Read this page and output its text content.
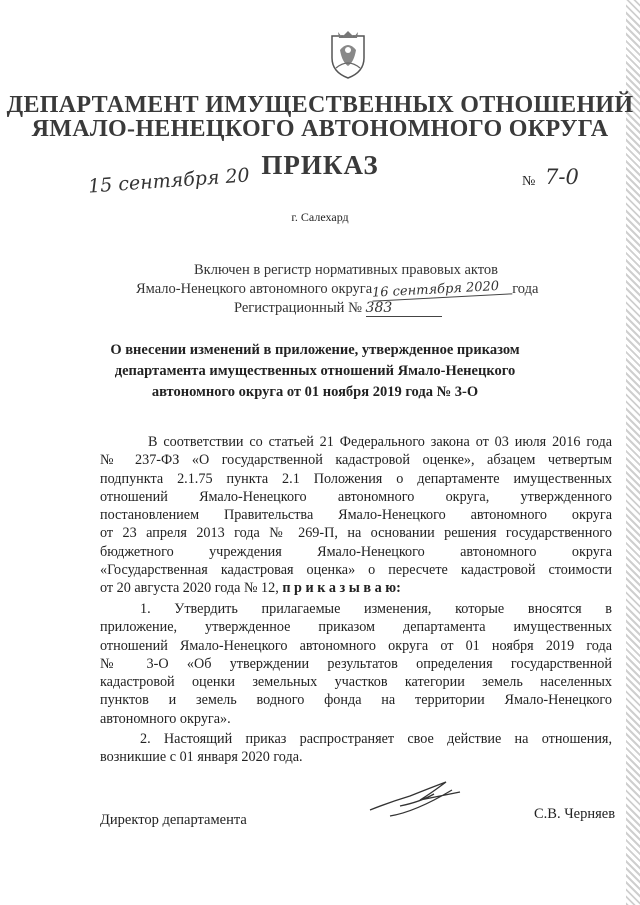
ДЕПАРТАМЕНТ ИМУЩЕСТВЕННЫХ ОТНОШЕНИЙ
ЯМАЛО-НЕНЕЦКОГО АВТОНОМНОГО ОКРУГА
ПРИКАЗ
15 сентября 20	№ 7-0
г. Салехард
Включен в регистр нормативных правовых актов
Ямало-Ненецкого автономного округа16 сентября 2020 года
Регистрационный № 383
О внесении изменений в приложение, утвержденное приказом
департамента имущественных отношений Ямало-Ненецкого
автономного округа от 01 ноября 2019 года № 3-О
В соответствии со статьей 21 Федерального закона от 03 июля 2016 года
№ 237-ФЗ «О государственной кадастровой оценке», абзацем четвертым
подпункта 2.1.75 пункта 2.1 Положения о департаменте имущественных
отношений Ямало-Ненецкого автономного округа, утвержденного
постановлением Правительства Ямало-Ненецкого автономного округа
от 23 апреля 2013 года № 269-П, на основании решения государственного
бюджетного учреждения Ямало-Ненецкого автономного округа
«Государственная кадастровая оценка» о пересчете кадастровой стоимости
от 20 августа 2020 года № 12, п р и к а з ы в а ю:
1. Утвердить прилагаемые изменения, которые вносятся в
приложение, утвержденное приказом департамента имущественных
отношений Ямало-Ненецкого автономного округа от 01 ноября 2019 года
№ 3-О «Об утверждении результатов определения государственной
кадастровой оценки земельных участков категории земель населенных
пунктов и земель водного фонда на территории Ямало-Ненецкого
автономного округа».
2. Настоящий приказ распространяет свое действие на отношения,
возникшие с 01 января 2020 года.
Директор департамента	С.В. Черняев
